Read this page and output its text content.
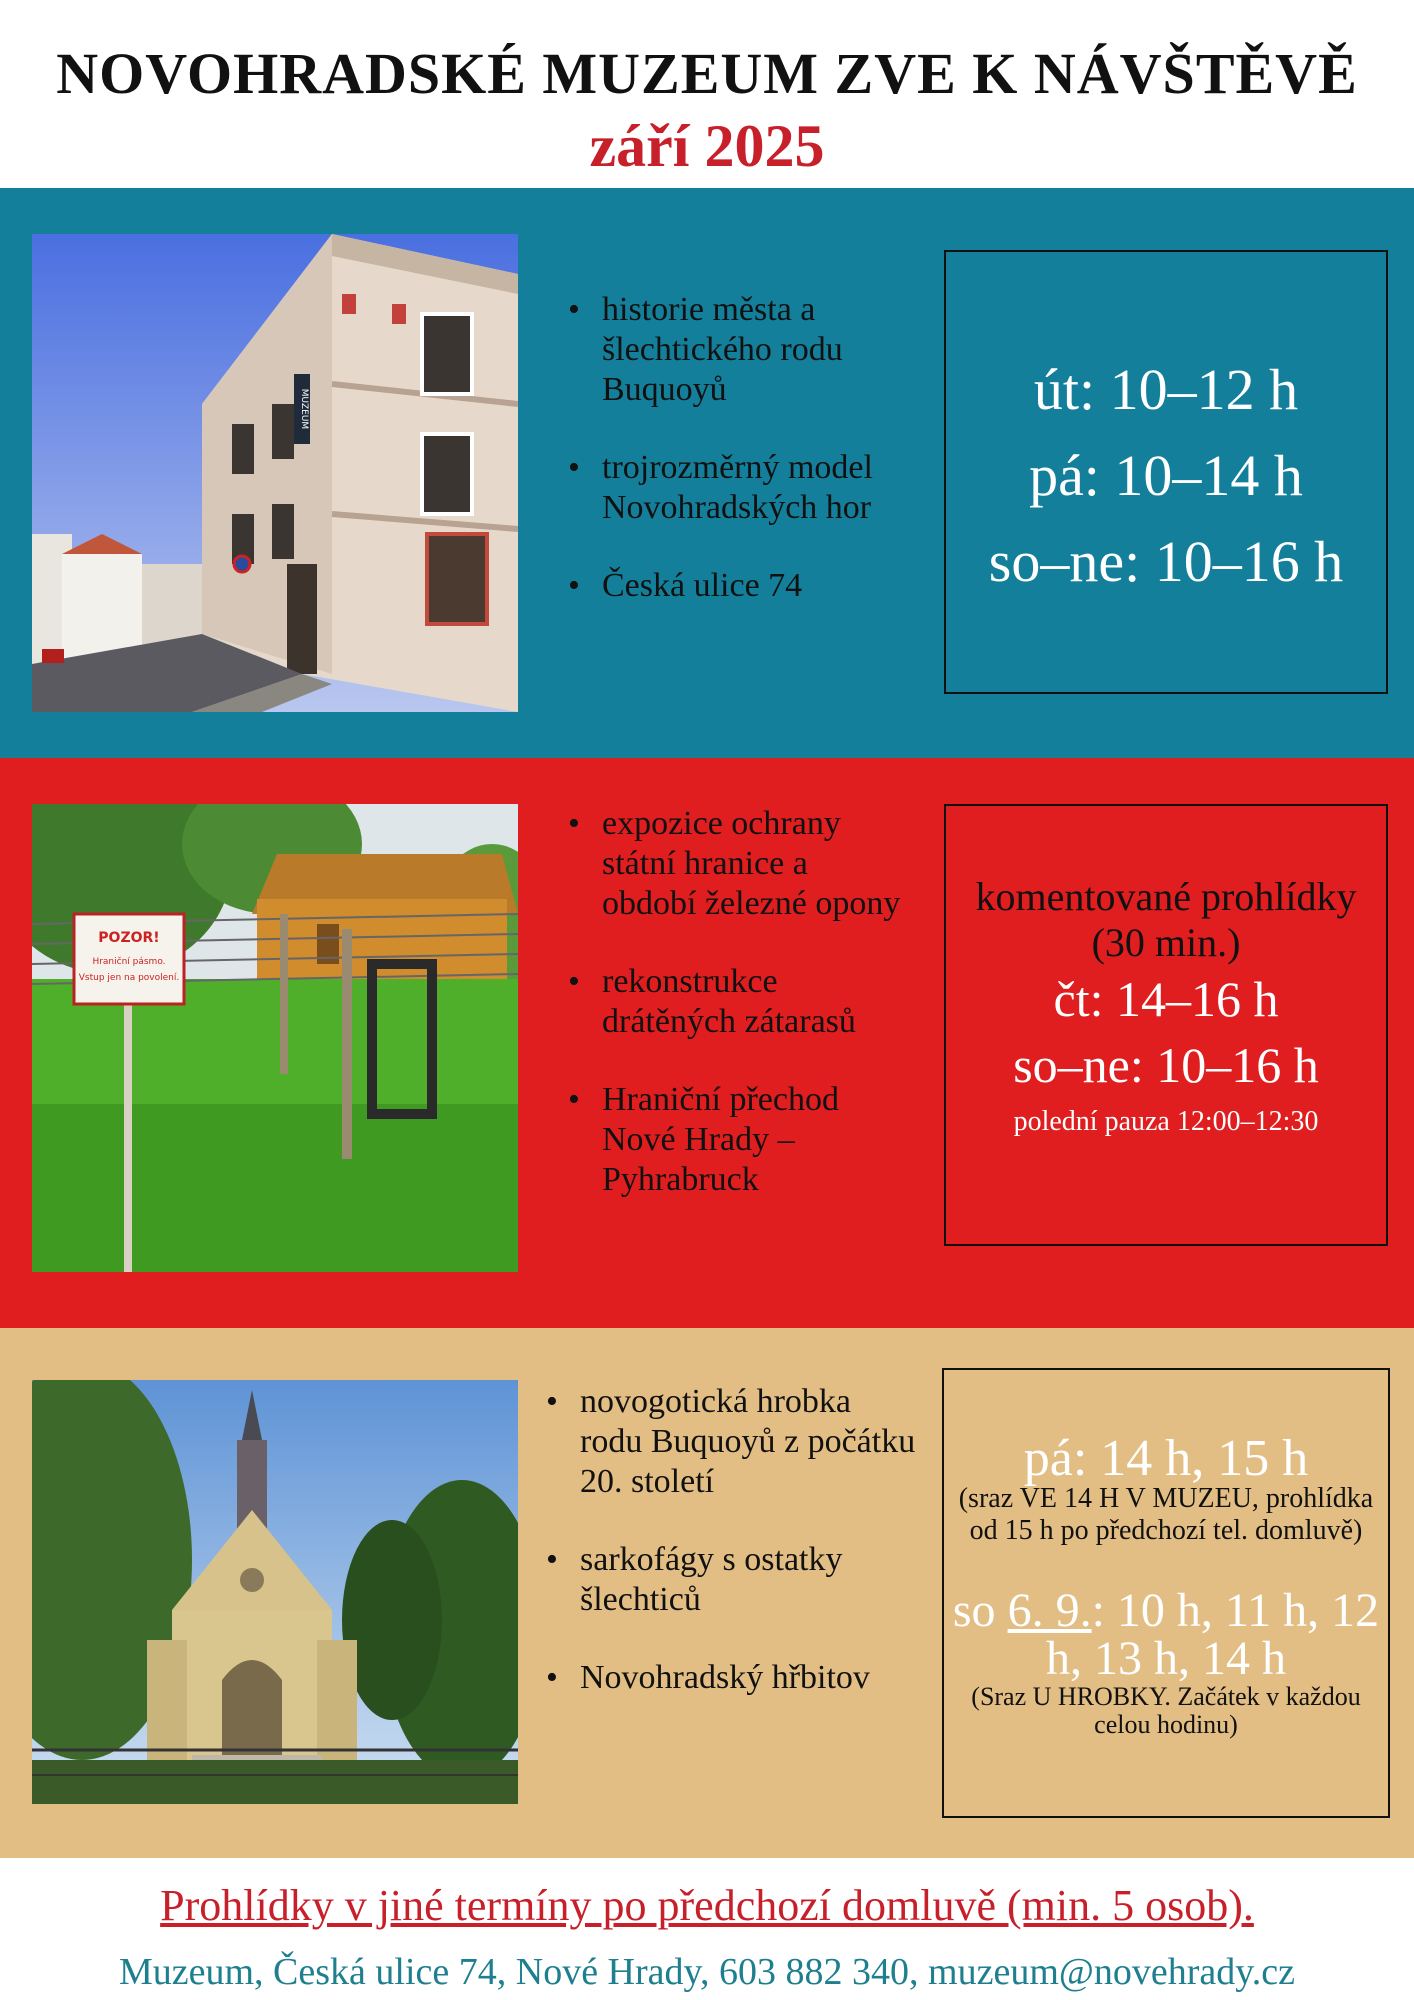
NOVOHRADSKÉ MUZEUM ZVE K NÁVŠTĚVĚ
září 2025
MUZEUM
• historie města a šlechtického rodu Buquoyů
• trojrozměrný model Novohradských hor
• Česká ulice 74
út: 10–12 h
pá: 10–14 h
so–ne: 10–16 h
POZOR!
Hraniční pásmo.
Vstup jen na povolení.
• expozice ochrany státní hranice a období železné opony
• rekonstrukce drátěných zátarasů
• Hraniční přechod Nové Hrady – Pyhrabruck
komentované prohlídky (30 min.)
čt: 14–16 h
so–ne: 10–16 h
polední pauza 12:00–12:30
• novogotická hrobka rodu Buquoyů z počátku 20. století
• sarkofágy s ostatky šlechticů
• Novohradský hřbitov
pá: 14 h, 15 h
(sraz VE 14 H V MUZEU, prohlídka od 15 h po předchozí tel. domluvě)
so 6. 9.: 10 h, 11 h, 12 h, 13 h, 14 h
(Sraz U HROBKY. Začátek v každou celou hodinu)
Prohlídky v jiné termíny po předchozí domluvě (min. 5 osob).
Muzeum, Česká ulice 74, Nové Hrady, 603 882 340, muzeum@novehrady.cz
